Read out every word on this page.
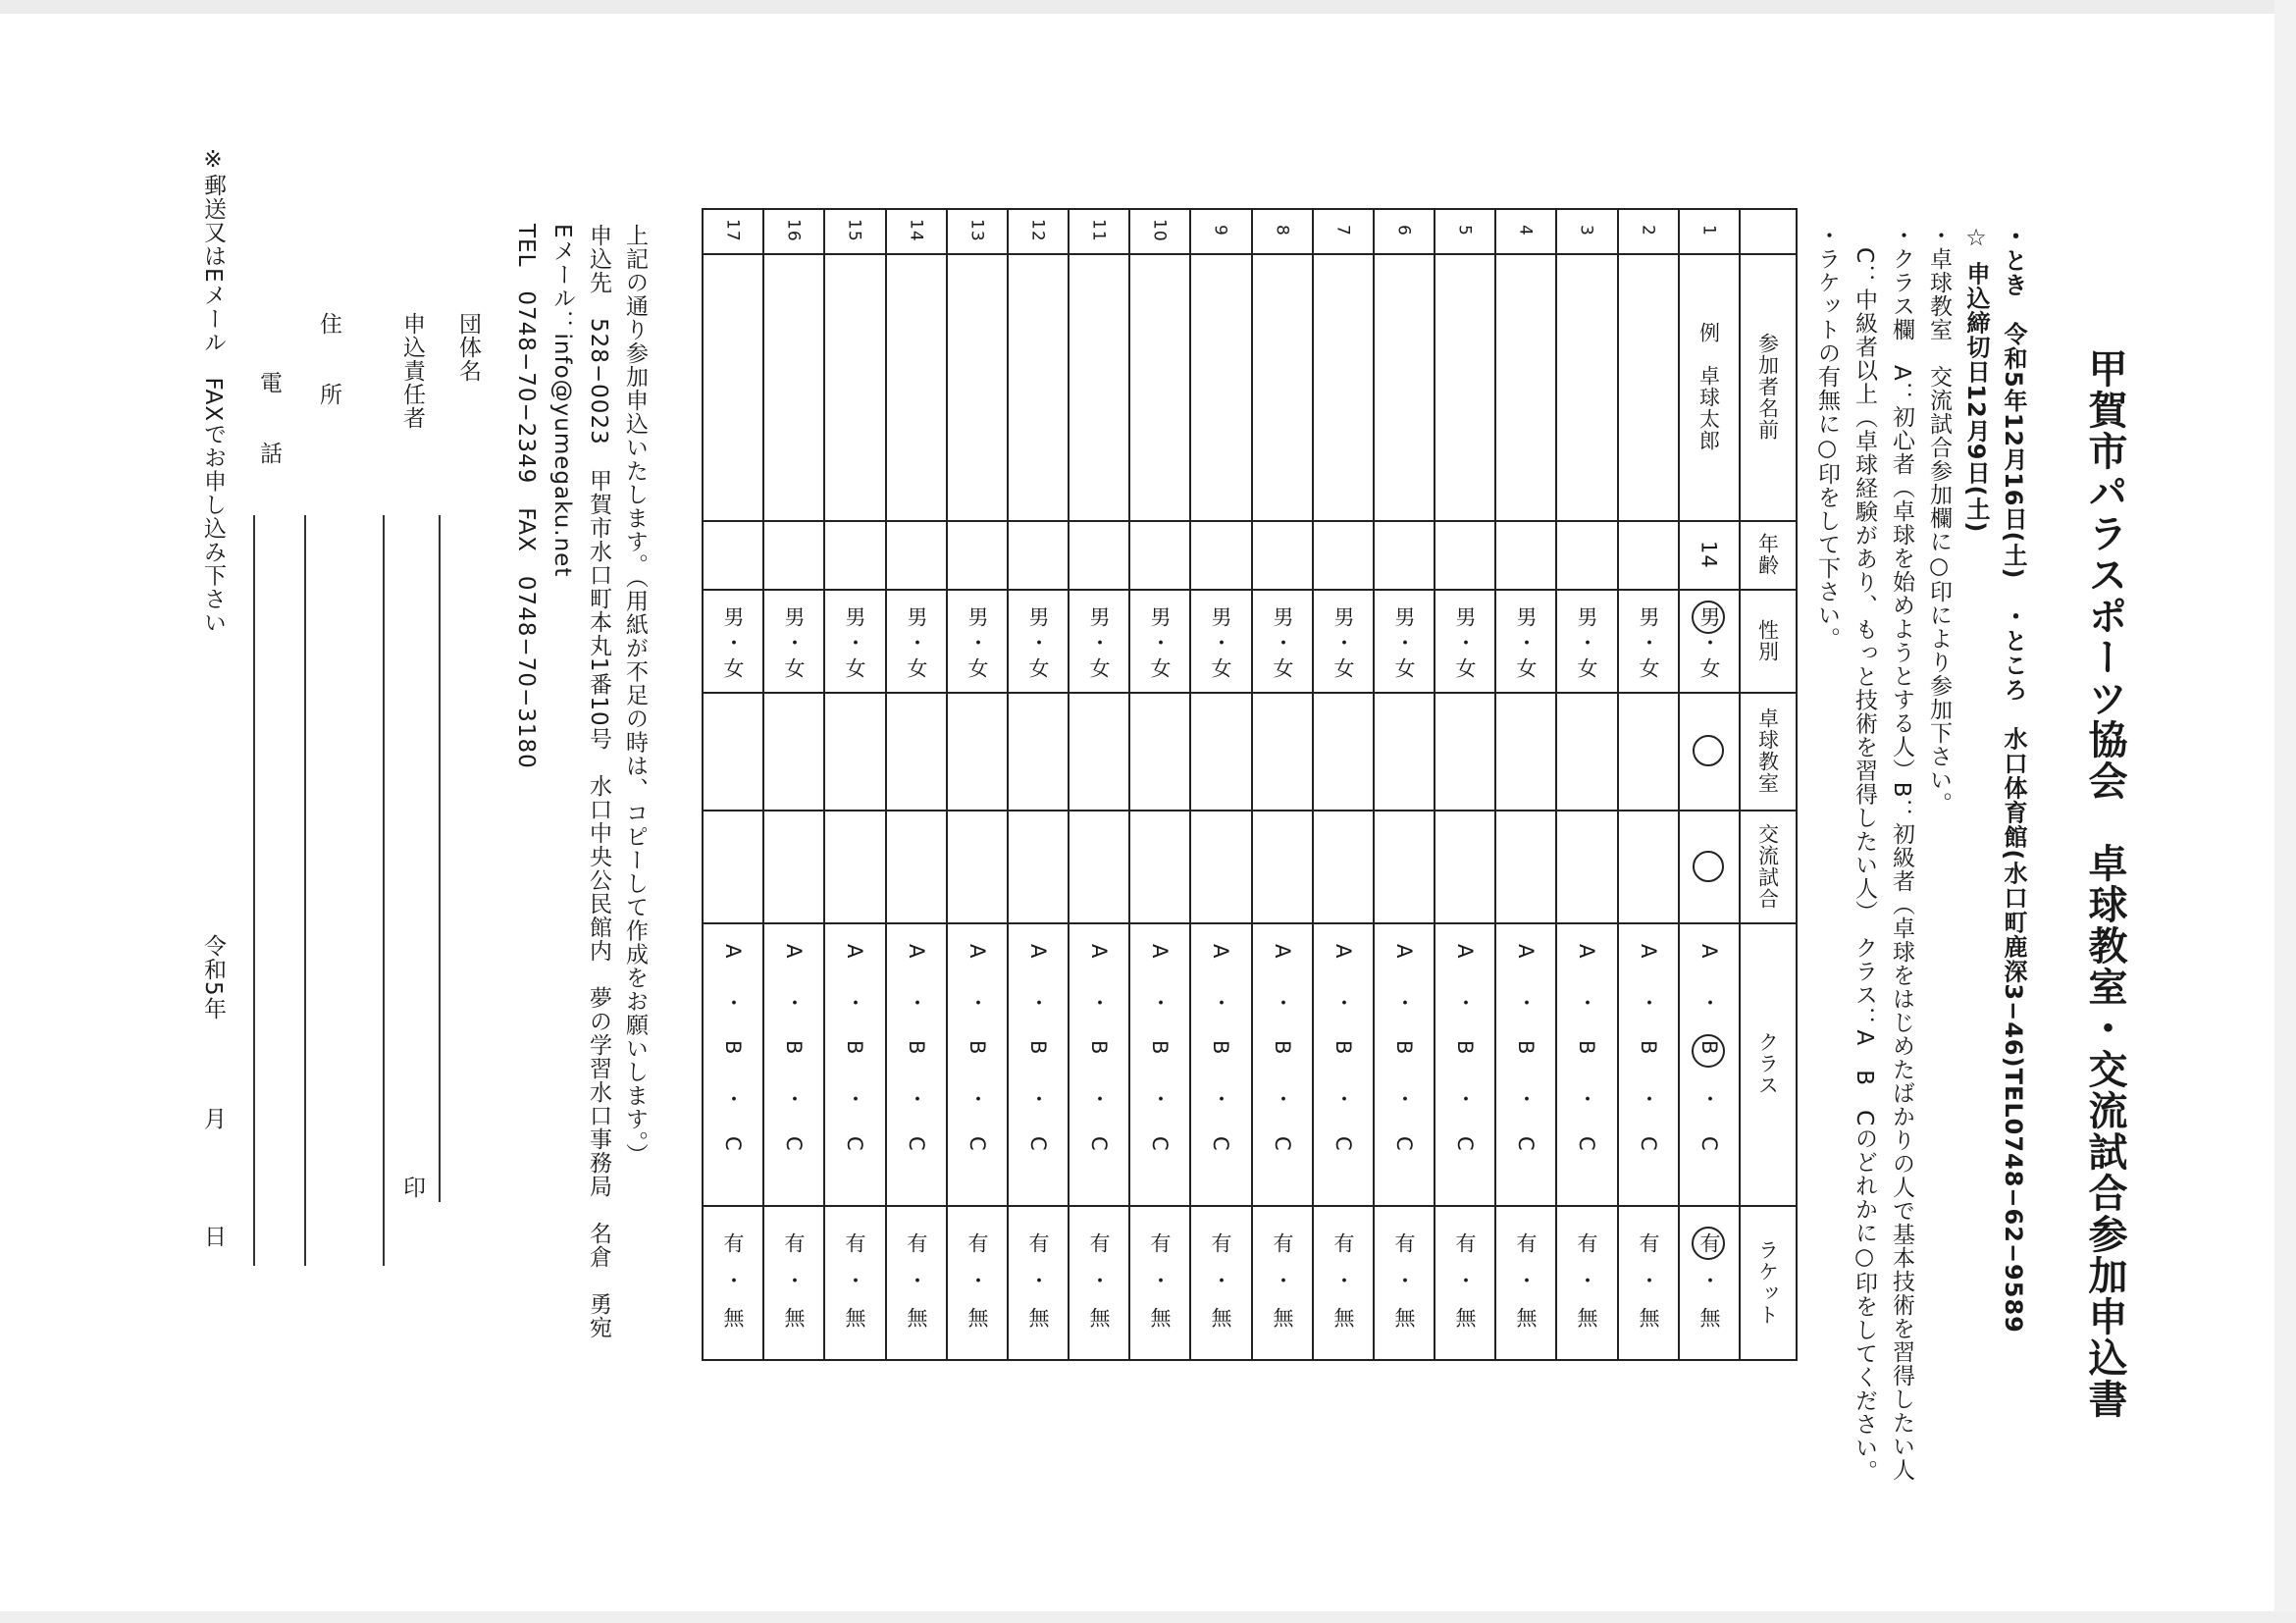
甲賀市パラスポーツ協会　卓球教室・交流試合参加申込書
・とき　令和5年12月16日(土)　・ところ　水口体育館(水口町鹿深3−46)TEL0748−62−9589
☆ 申込締切日12月9日(土)
・卓球教室　交流試合参加欄に○印により参加下さい。
・クラス欄　A：初心者（卓球を始めようとする人）B：初級者（卓球をはじめたばかりの人で基本技術を習得したい人
　C：中級者以上（卓球経験があり、もっと技術を習得したい人）　クラス：A　B　Cのどれかに○印をしてください。
・ラケットの有無に○印をして下さい。
参加者名前
年齢
性別
卓球教室
交流試合
クラス
ラケット
1
例　卓球太郎
14
男
・
女
A
B
C
・
・
有
・
無
2
男
・
女
A
B
C
・
・
有
・
無
3
男
・
女
A
B
C
・
・
有
・
無
4
男
・
女
A
B
C
・
・
有
・
無
5
男
・
女
A
B
C
・
・
有
・
無
6
男
・
女
A
B
C
・
・
有
・
無
7
男
・
女
A
B
C
・
・
有
・
無
8
男
・
女
A
B
C
・
・
有
・
無
9
男
・
女
A
B
C
・
・
有
・
無
10
男
・
女
A
B
C
・
・
有
・
無
11
男
・
女
A
B
C
・
・
有
・
無
12
男
・
女
A
B
C
・
・
有
・
無
13
男
・
女
A
B
C
・
・
有
・
無
14
男
・
女
A
B
C
・
・
有
・
無
15
男
・
女
A
B
C
・
・
有
・
無
16
男
・
女
A
B
C
・
・
有
・
無
17
男
・
女
A
B
C
・
・
有
・
無
上記の通り参加申込いたします。（用紙が不足の時は、コピーして作成をお願いします。）
申込先　528−0023　甲賀市水口町本丸1番10号　水口中央公民館内　夢の学習水口事務局　名倉　勇宛
Eメール：info@yumegaku.net
TEL　0748−70−2349　FAX　0748−70−3180
団体名
申込責任者
印
住　　所
電　　話
※郵送又はEメール　FAXでお申し込み下さい
令和5年
月
日
